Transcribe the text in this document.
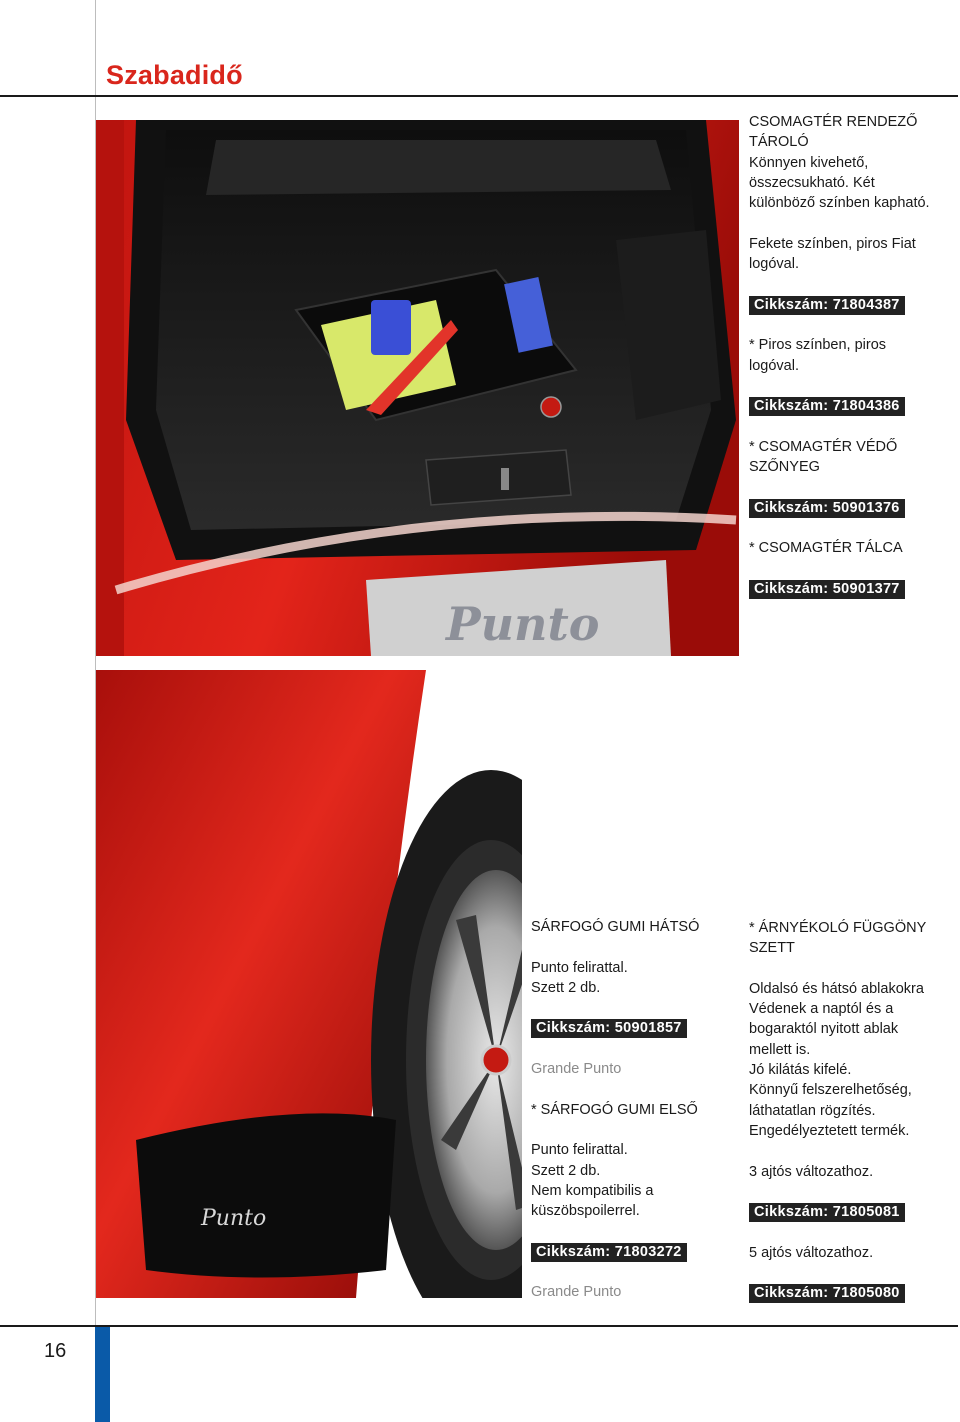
Szabadidő
Punto

CSOMAGTÉR RENDEZŐ

TÁROLÓ

Könnyen kivehető,

összecsukható. Két

különböző színben kapható.

Fekete színben, piros Fiat

logóval.

Cikkszám: 71804387

* Piros színben, piros

logóval.

Cikkszám: 71804386

* CSOMAGTÉR VÉDŐ

SZŐNYEG

Cikkszám: 50901376

* CSOMAGTÉR TÁLCA

Cikkszám: 50901377

Punto

SÁRFOGÓ GUMI HÁTSÓ

Punto felirattal.

Szett 2 db.

Cikkszám: 50901857

Grande Punto

* SÁRFOGÓ GUMI ELSŐ

Punto felirattal.

Szett 2 db.

Nem kompatibilis a

küszöbspoilerrel.

Cikkszám: 71803272

Grande Punto

* ÁRNYÉKOLÓ FÜGGÖNY

SZETT

Oldalsó és hátsó ablakokra

Védenek a naptól és a

bogaraktól nyitott ablak

mellett is.

Jó kilátás kifelé.

Könnyű felszerelhetőség,

láthatatlan rögzítés.

Engedélyeztetett termék.

3 ajtós változathoz.

Cikkszám: 71805081

5 ajtós változathoz.

Cikkszám: 71805080

16
